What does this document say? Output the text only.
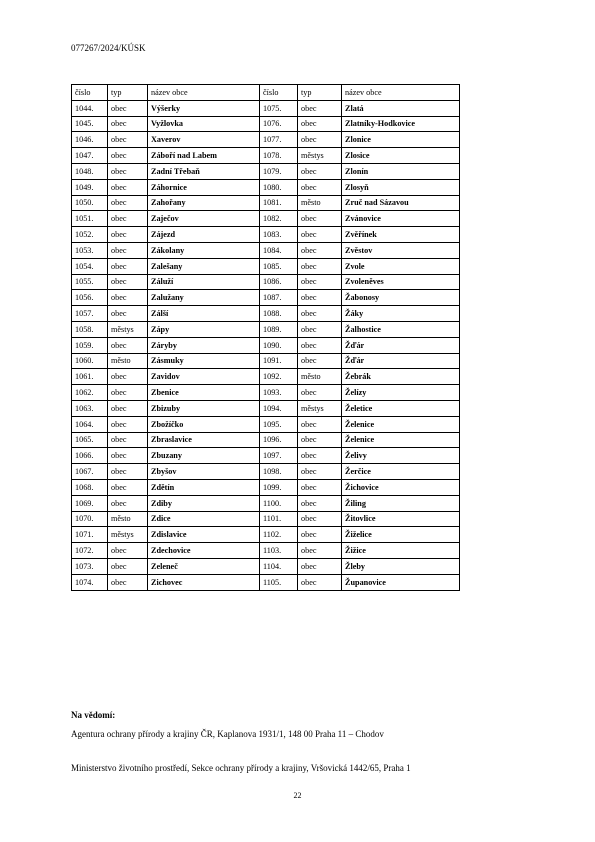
077267/2024/KÚSK
číslo	typ	název obce	číslo	typ	název obce
1044.	obec	Výšerky	1075.	obec	Zlatá
1045.	obec	Vyžlovka	1076.	obec	Zlatníky-Hodkovice
1046.	obec	Xaverov	1077.	obec	Zlonice
1047.	obec	Záboří nad Labem	1078.	městys	Zlosice
1048.	obec	Zadní Třebaň	1079.	obec	Zlonín
1049.	obec	Záhornice	1080.	obec	Zlosyň
1050.	obec	Zahořany	1081.	město	Zruč nad Sázavou
1051.	obec	Zaječov	1082.	obec	Zvánovice
1052.	obec	Zájezd	1083.	obec	Zvěřínek
1053.	obec	Zákolany	1084.	obec	Zvěstov
1054.	obec	Zalešany	1085.	obec	Zvole
1055.	obec	Záluží	1086.	obec	Zvoleněves
1056.	obec	Zalužany	1087.	obec	Žabonosy
1057.	obec	Zálší	1088.	obec	Žáky
1058.	městys	Zápy	1089.	obec	Žalhostice
1059.	obec	Záryby	1090.	obec	Žďár
1060.	město	Zásmuky	1091.	obec	Žďár
1061.	obec	Zavidov	1092.	město	Žebrák
1062.	obec	Zbenice	1093.	obec	Želízy
1063.	obec	Zbizuby	1094.	městys	Želetice
1064.	obec	Zbožíčko	1095.	obec	Želenice
1065.	obec	Zbraslavice	1096.	obec	Želenice
1066.	obec	Zbuzany	1097.	obec	Želivy
1067.	obec	Zbyšov	1098.	obec	Žerčice
1068.	obec	Zdětín	1099.	obec	Žichovice
1069.	obec	Zdiby	1100.	obec	Žiling
1070.	město	Zdice	1101.	obec	Žitovlice
1071.	městys	Zdislavice	1102.	obec	Žiželice
1072.	obec	Zdechovice	1103.	obec	Žižice
1073.	obec	Zeleneč	1104.	obec	Žleby
1074.	obec	Zichovec	1105.	obec	Županovice
Na vědomí:
Agentura ochrany přírody a krajiny ČR, Kaplanova 1931/1, 148 00 Praha 11 – Chodov
Ministerstvo životního prostředí, Sekce ochrany přírody a krajiny, Vršovická 1442/65, Praha 1
22
